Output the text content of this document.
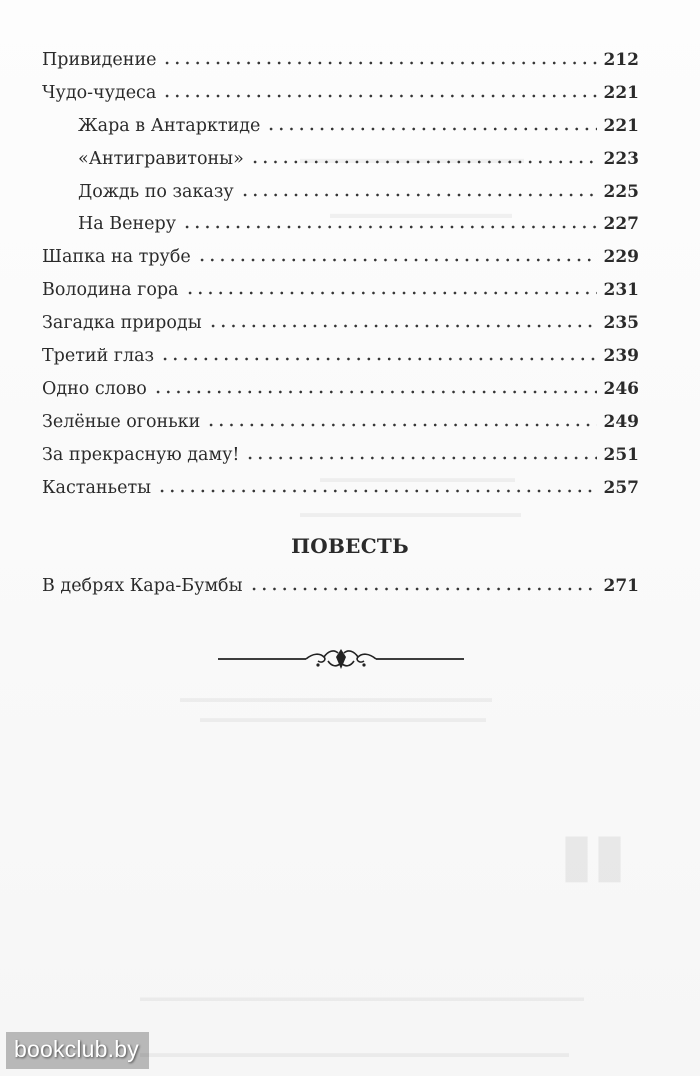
▮▮
Привидение	212
Чудо-чудеса	221
Жара в Антарктиде	221
«Антигравитоны»	223
Дождь по заказу	225
На Венеру	227
Шапка на трубе	229
Володина гора	231
Загадка природы	235
Третий глаз	239
Одно слово	246
Зелёные огоньки	249
За прекрасную даму!	251
Кастаньеты	257
ПОВЕСТЬ
В дебрях Кара-Бумбы	271
bookclub.by
